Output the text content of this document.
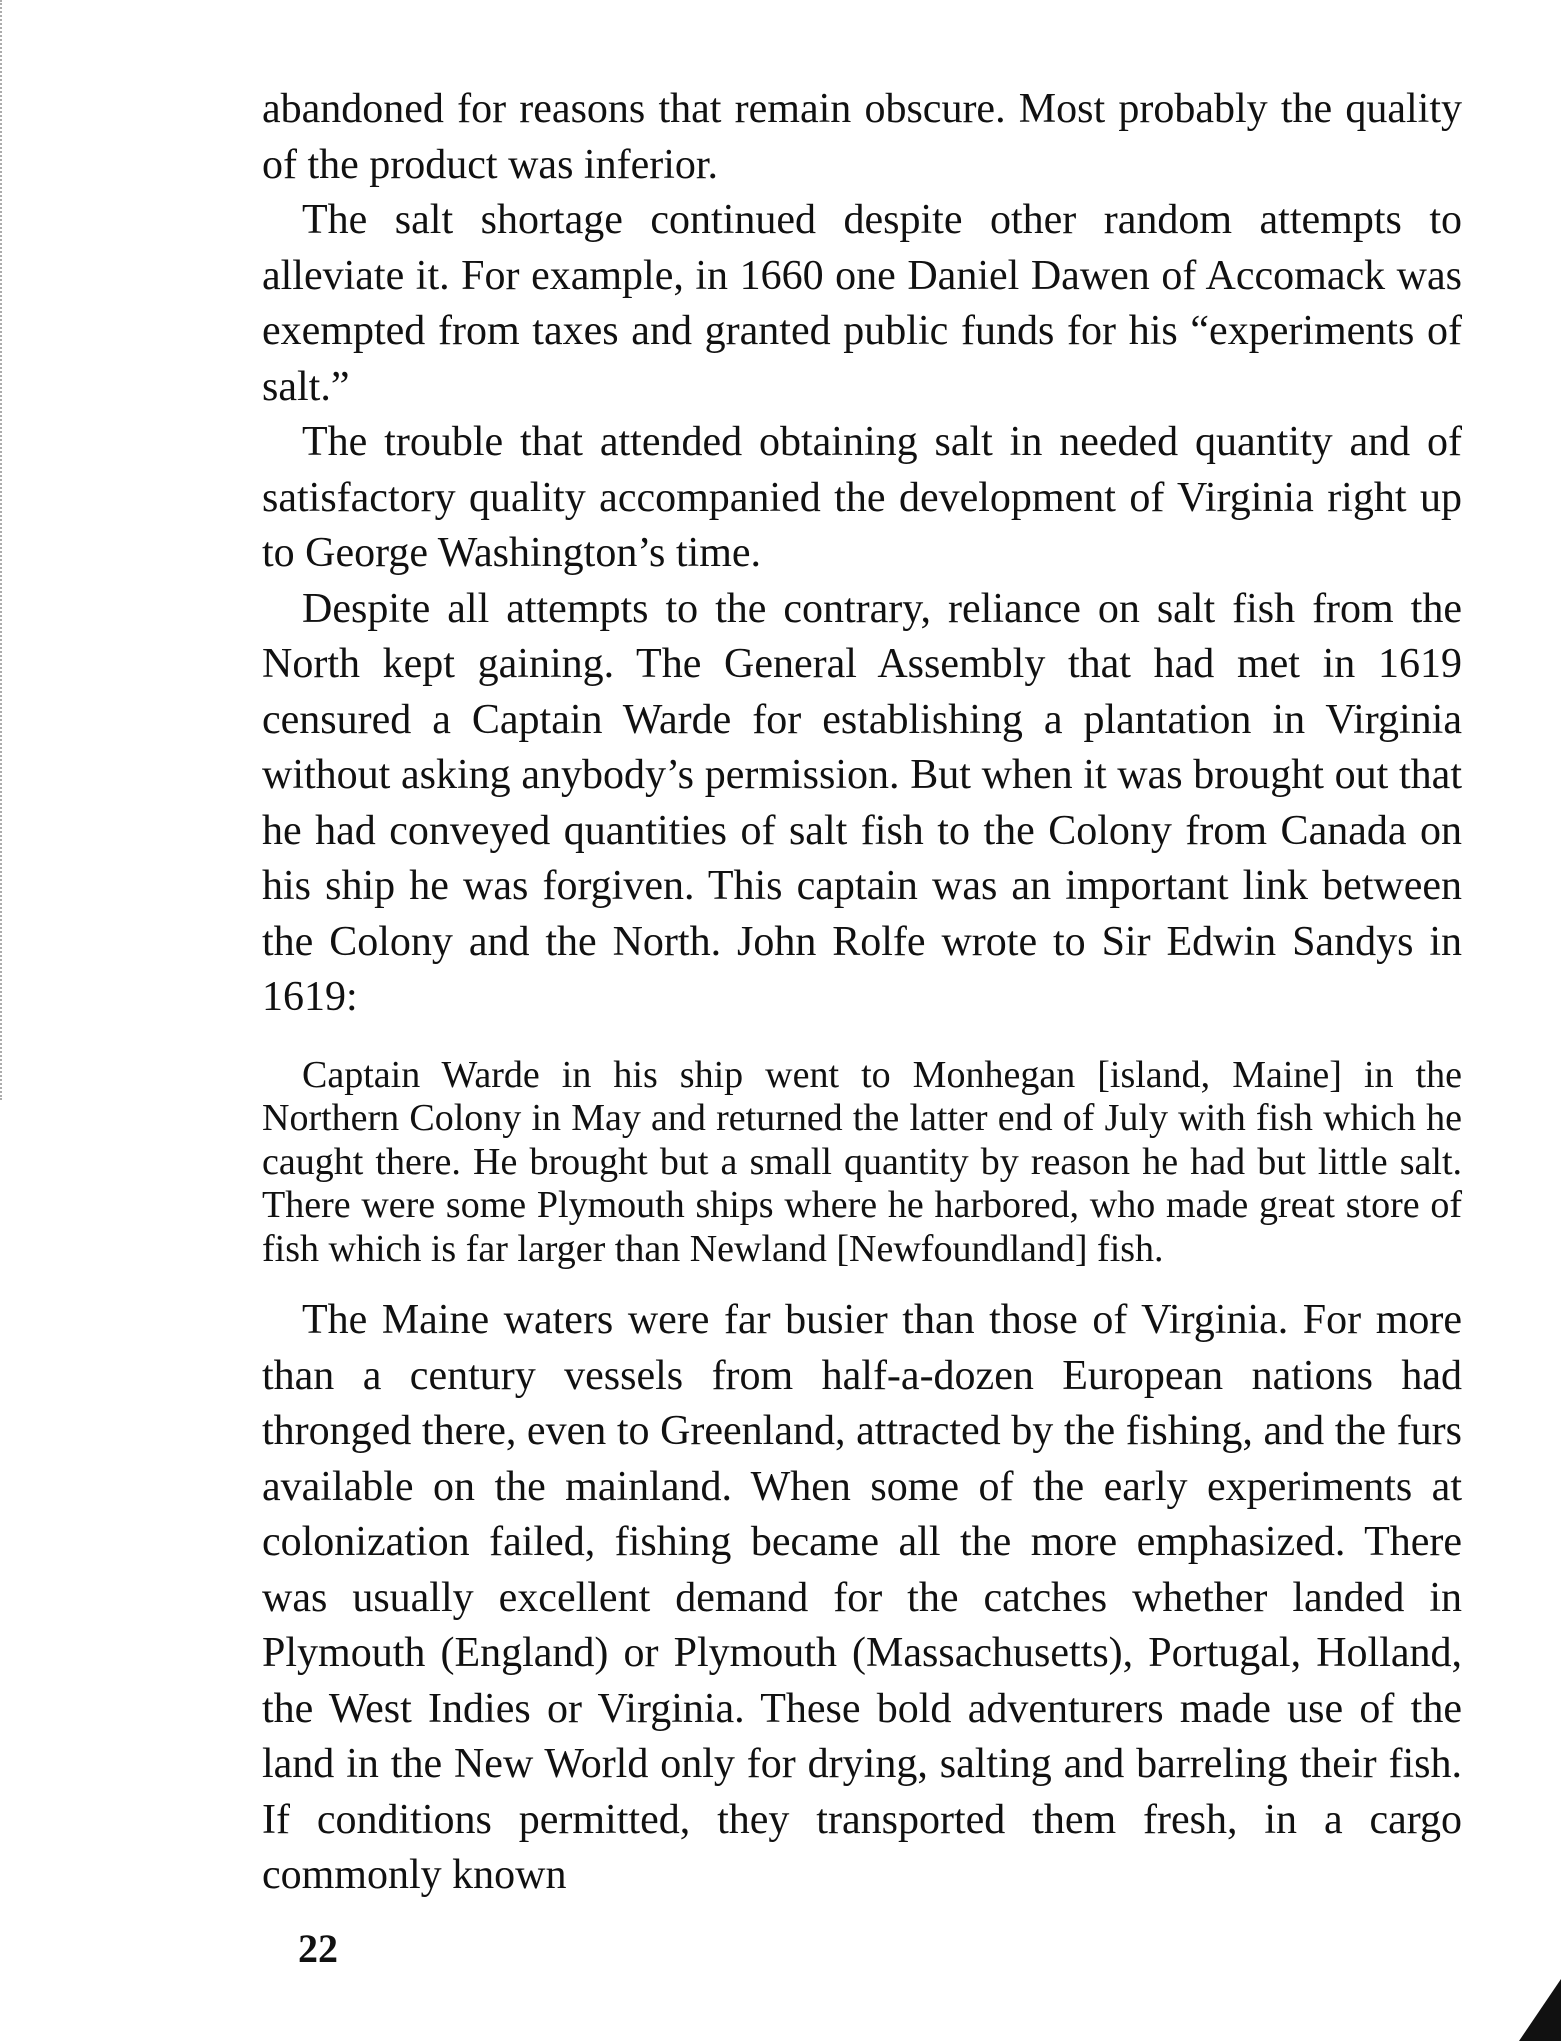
abandoned for reasons that remain obscure. Most probably the quality of the product was inferior.

The salt shortage continued despite other random attempts to alleviate it. For example, in 1660 one Daniel Dawen of Accomack was exempted from taxes and granted public funds for his “experiments of salt.”

The trouble that attended obtaining salt in needed quantity and of satisfactory quality accompanied the development of Virginia right up to George Washington’s time.

Despite all attempts to the contrary, reliance on salt fish from the North kept gaining. The General Assembly that had met in 1619 censured a Captain Warde for establishing a plantation in Virginia without asking anybody’s permission. But when it was brought out that he had conveyed quantities of salt fish to the Colony from Canada on his ship he was forgiven. This captain was an important link between the Colony and the North. John Rolfe wrote to Sir Edwin Sandys in 1619:

Captain Warde in his ship went to Monhegan [island, Maine] in the Northern Colony in May and returned the latter end of July with fish which he caught there. He brought but a small quantity by reason he had but little salt. There were some Plymouth ships where he harbored, who made great store of fish which is far larger than Newland [Newfoundland] fish.

The Maine waters were far busier than those of Virginia. For more than a century vessels from half-a-dozen European nations had thronged there, even to Greenland, attracted by the fishing, and the furs available on the mainland. When some of the early experiments at colonization failed, fishing became all the more emphasized. There was usually excellent demand for the catches whether landed in Plymouth (England) or Plymouth (Massachusetts), Portugal, Holland, the West Indies or Virginia. These bold adventurers made use of the land in the New World only for drying, salting and barreling their fish. If conditions permitted, they transported them fresh, in a cargo commonly known

22
